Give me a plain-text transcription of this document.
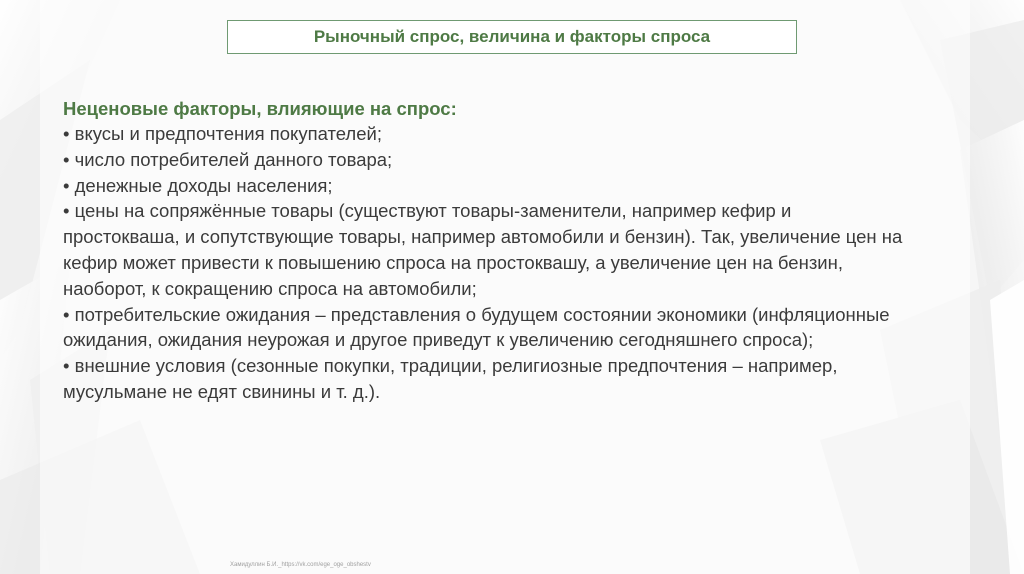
Рыночный спрос, величина и факторы спроса

Неценовые факторы, влияющие на спрос:

• вкусы и предпочтения покупателей;

• число потребителей данного товара;

• денежные доходы населения;

• цены на сопряжённые товары (существуют товары-заменители, например кефир и

простокваша, и сопутствующие товары, например автомобили и бензин). Так, увеличение цен на

кефир может привести к повышению спроса на простоквашу, а увеличение цен на бензин,

наоборот, к сокращению спроса на автомобили;

• потребительские ожидания – представления о будущем состоянии экономики (инфляционные

ожидания, ожидания неурожая и другое приведут к увеличению сегодняшнего спроса);

• внешние условия (сезонные покупки, традиции, религиозные предпочтения – например,

мусульмане не едят свинины и т. д.).

Хамидуллин Б.И._https://vk.com/ege_oge_obshestv
